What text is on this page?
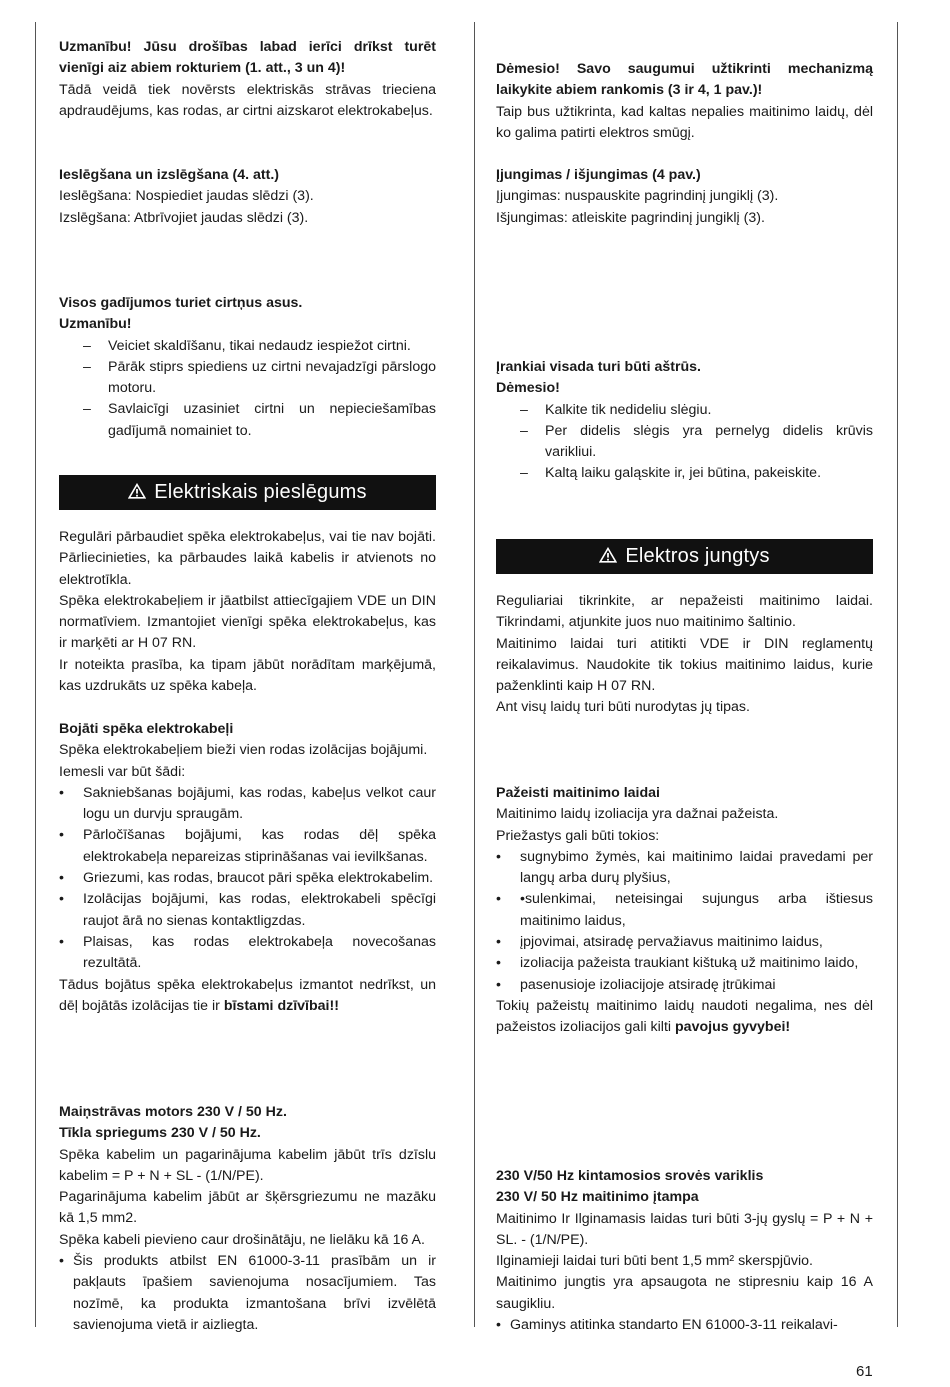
Uzmanību! Jūsu drošības labad ierīci drīkst turēt vienīgi aiz abiem rokturiem (1. att., 3 un 4)!

Tādā veidā tiek novērsts elektriskās strāvas trieciena apdraudējums, kas rodas, ar cirtni aizskarot elektrokabeļus.

Ieslēgšana un izslēgšana (4. att.)

Ieslēgšana: Nospiediet jaudas slēdzi (3).

Izslēgšana: Atbrīvojiet jaudas slēdzi (3).

Visos gadījumos turiet cirtņus asus.

Uzmanību!

– Veiciet skaldīšanu, tikai nedaudz iespiežot cirtni.
– Pārāk stiprs spiediens uz cirtni nevajadzīgi pārslogo motoru.
– Savlaicīgi uzasiniet cirtni un nepieciešamības gadījumā nomainiet to.
Elektriskais pieslēgums

Regulāri pārbaudiet spēka elektrokabeļus, vai tie nav bojāti. Pārliecinieties, ka pārbaudes laikā kabelis ir atvienots no elektrotīkla.

Spēka elektrokabeļiem ir jāatbilst attiecīgajiem VDE un DIN normatīviem. Izmantojiet vienīgi spēka elektrokabeļus, kas ir marķēti ar H 07 RN.

Ir noteikta prasība, ka tipam jābūt norādītam marķējumā, kas uzdrukāts uz spēka kabeļa.

Bojāti spēka elektrokabeļi

Spēka elektrokabeļiem bieži vien rodas izolācijas bojājumi.

Iemesli var būt šādi:

• Sakniebšanas bojājumi, kas rodas, kabeļus velkot caur logu un durvju spraugām.
• Pārločīšanas bojājumi, kas rodas dēļ spēka elektrokabeļa nepareizas stiprināšanas vai ievilkšanas.
• Griezumi, kas rodas, braucot pāri spēka elektrokabelim.
• Izolācijas bojājumi, kas rodas, elektrokabeli spēcīgi raujot ārā no sienas kontaktligzdas.
• Plaisas, kas rodas elektrokabeļa novecošanas rezultātā.

Tādus bojātus spēka elektrokabeļus izmantot nedrīkst, un dēļ bojātās izolācijas tie ir bīstami dzīvībai!!

Maiņstrāvas motors 230 V / 50 Hz.

Tīkla spriegums 230 V / 50 Hz.

Spēka kabelim un pagarinājuma kabelim jābūt trīs dzīslu kabelim = P + N + SL - (1/N/PE).

Pagarinājuma kabelim jābūt ar šķērsgriezumu ne mazāku kā 1,5 mm2.

Spēka kabeli pievieno caur drošinātāju, ne lielāku kā 16 A.

• Šis produkts atbilst EN 61000-3-11 prasībām un ir pakļauts īpašiem savienojuma nosacījumiem. Tas nozīmē, ka produkta izmantošana brīvi izvēlētā savienojuma vietā ir aizliegta.

Dėmesio! Savo saugumui užtikrinti mechanizmą laikykite abiem rankomis (3 ir 4, 1 pav.)!

Taip bus užtikrinta, kad kaltas nepalies maitinimo laidų, dėl ko galima patirti elektros smūgį.

Įjungimas / išjungimas (4 pav.)

Įjungimas: nuspauskite pagrindinį jungiklį (3).

Išjungimas: atleiskite pagrindinį jungiklį (3).

Įrankiai visada turi būti aštrūs.

Dėmesio!

– Kalkite tik nedideliu slėgiu.
– Per didelis slėgis yra pernelyg didelis krūvis varikliui.
– Kaltą laiku galąskite ir, jei būtina, pakeiskite.
Elektros jungtys

Reguliariai tikrinkite, ar nepažeisti maitinimo laidai. Tikrindami, atjunkite juos nuo maitinimo šaltinio.

Maitinimo laidai turi atitikti VDE ir DIN reglamentų reikalavimus. Naudokite tik tokius maitinimo laidus, kurie paženklinti kaip H 07 RN.

Ant visų laidų turi būti nurodytas jų tipas.

Pažeisti maitinimo laidai

Maitinimo laidų izoliacija yra dažnai pažeista.

Priežastys gali būti tokios:

• sugnybimo žymės, kai maitinimo laidai pravedami per langų arba durų plyšius,
• •sulenkimai, neteisingai sujungus arba ištiesus maitinimo laidus,
• įpjovimai, atsiradę pervažiavus maitinimo laidus,
• izoliacija pažeista traukiant kištuką už maitinimo laido,
• pasenusioje izoliacijoje atsiradę įtrūkimai

Tokių pažeistų maitinimo laidų naudoti negalima, nes dėl pažeistos izoliacijos gali kilti pavojus gyvybei!

230 V/50 Hz kintamosios srovės variklis

230 V/ 50 Hz maitinimo įtampa

Maitinimo Ir Ilginamasis laidas turi būti 3-jų gyslų = P + N + SL. - (1/N/PE).

Ilginamieji laidai turi būti bent 1,5 mm² skerspjūvio.

Maitinimo jungtis yra apsaugota ne stipresniu kaip 16 A saugikliu.

• Gaminys atitinka standarto EN 61000-3-11 reikalavi-
61
